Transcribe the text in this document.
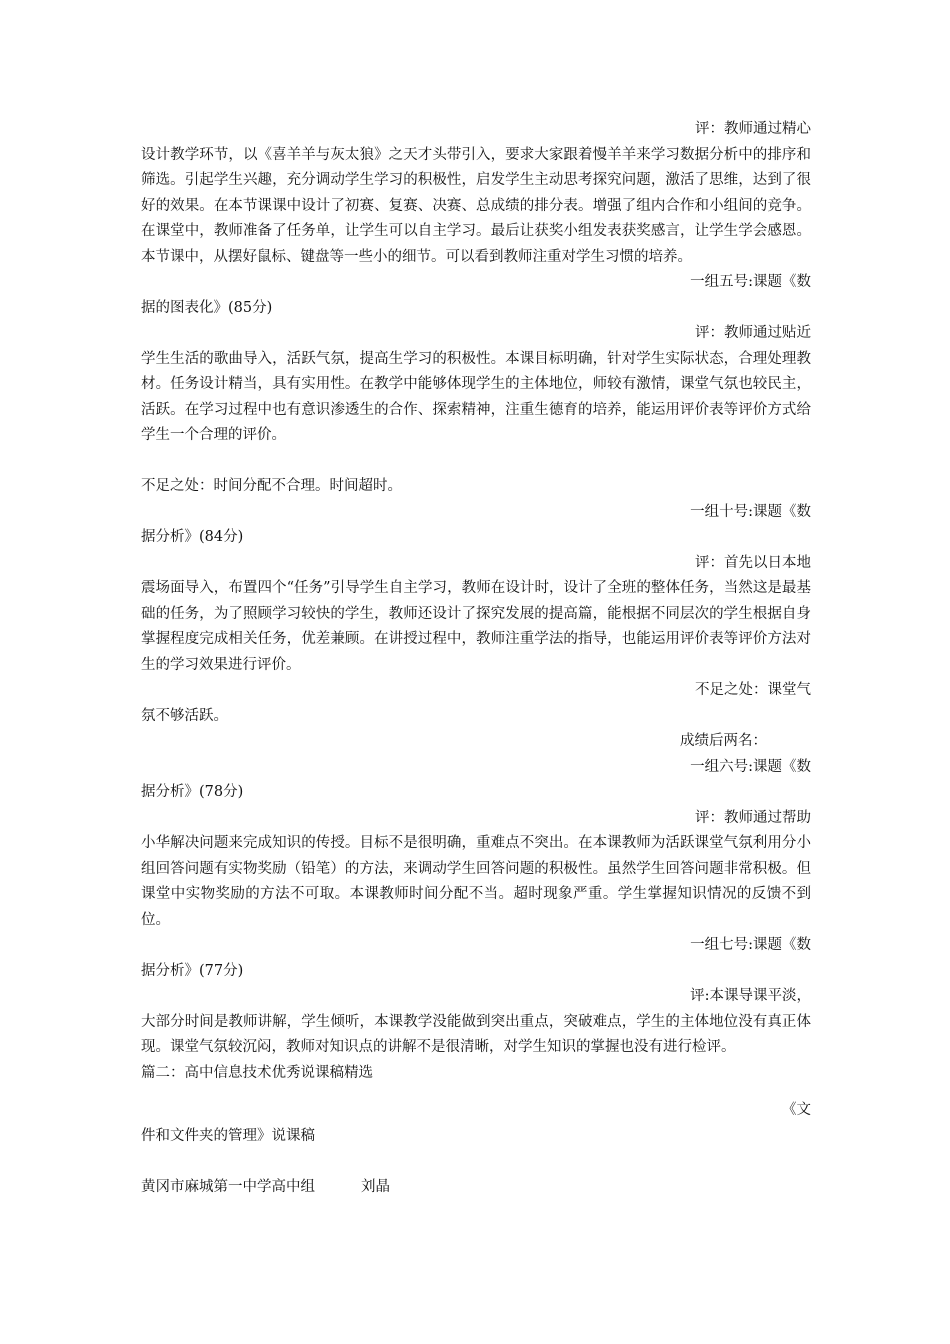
评：教师通过精心
设计教学环节，以《喜羊羊与灰太狼》之天才头带引入，要求大家跟着慢羊羊来学习数据分析中的排序和筛选。引起学生兴趣，充分调动学生学习的积极性，启发学生主动思考探究问题，激活了思维，达到了很好的效果。在本节课课中设计了初赛、复赛、决赛、总成绩的排分表。增强了组内合作和小组间的竞争。在课堂中，教师准备了任务单，让学生可以自主学习。最后让获奖小组发表获奖感言，让学生学会感恩。本节课中，从摆好鼠标、键盘等一些小的细节。可以看到教师注重对学生习惯的培养。

一组五号:课题《数
据的图表化》(85分)

评：教师通过贴近
学生生活的歌曲导入，活跃气氛，提高生学习的积极性。本课目标明确，针对学生实际状态，合理处理教材。任务设计精当，具有实用性。在教学中能够体现学生的主体地位，师较有激情，课堂气氛也较民主，活跃。在学习过程中也有意识渗透生的合作、探索精神，注重生德育的培养，能运用评价表等评价方式给学生一个合理的评价。

不足之处：时间分配不合理。时间超时。

一组十号:课题《数
据分析》(84分)

评：首先以日本地
震场面导入，布置四个“任务”引导学生自主学习，教师在设计时，设计了全班的整体任务，当然这是最基础的任务，为了照顾学习较快的学生，教师还设计了探究发展的提高篇，能根据不同层次的学生根据自身掌握程度完成相关任务，优差兼顾。在讲授过程中，教师注重学法的指导，也能运用评价表等评价方法对生的学习效果进行评价。

不足之处：课堂气
氛不够活跃。

成绩后两名：

一组六号:课题《数
据分析》(78分)

评：教师通过帮助
小华解决问题来完成知识的传授。目标不是很明确，重难点不突出。在本课教师为活跃课堂气氛利用分小组回答问题有实物奖励（铅笔）的方法，来调动学生回答问题的积极性。虽然学生回答问题非常积极。但课堂中实物奖励的方法不可取。本课教师时间分配不当。超时现象严重。学生掌握知识情况的反馈不到位。

一组七号:课题《数
据分析》(77分)

评:本课导课平淡，
大部分时间是教师讲解，学生倾听，本课教学没能做到突出重点，突破难点，学生的主体地位没有真正体现。课堂气氛较沉闷，教师对知识点的讲解不是很清晰，对学生知识的掌握也没有进行检评。

篇二：高中信息技术优秀说课稿精选

《文
件和文件夹的管理》说课稿

黄冈市麻城第一中学高中组	刘晶
